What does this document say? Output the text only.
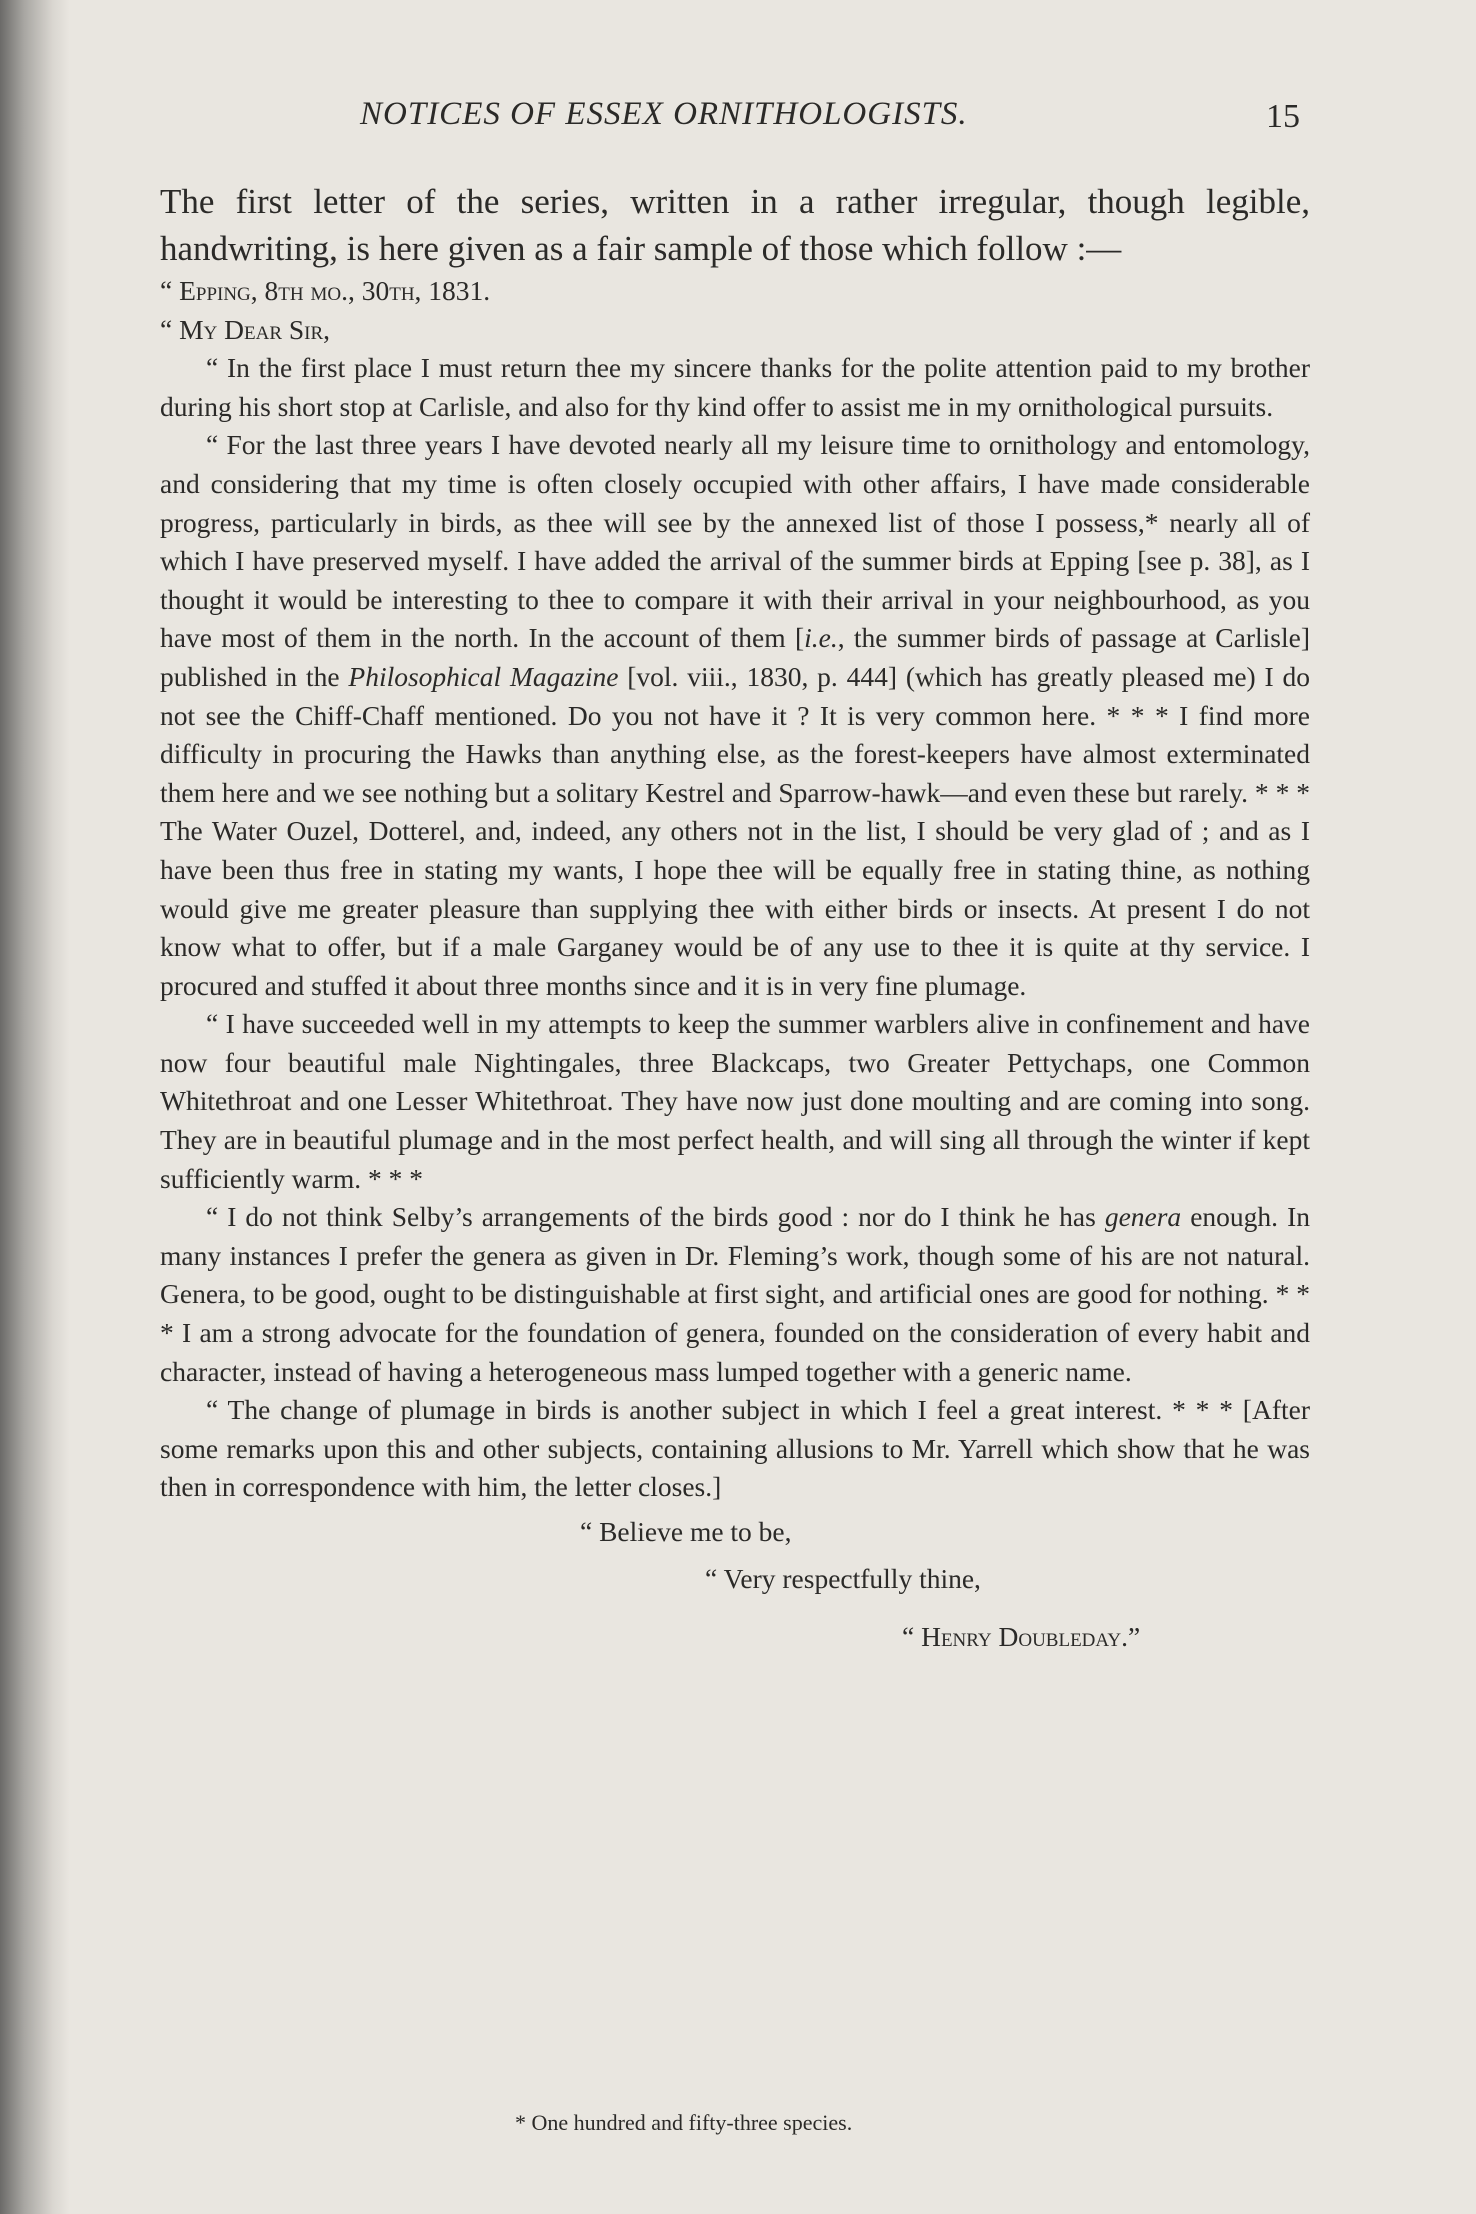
NOTICES OF ESSEX ORNITHOLOGISTS.	15

The first letter of the series, written in a rather irregular, though legible, handwriting, is here given as a fair sample of those which follow :—

“ Epping, 8th mo., 30th, 1831.

“ My Dear Sir,

“ In the first place I must return thee my sincere thanks for the polite attention paid to my brother during his short stop at Carlisle, and also for thy kind offer to assist me in my ornithological pursuits.

“ For the last three years I have devoted nearly all my leisure time to ornithology and entomology, and considering that my time is often closely occupied with other affairs, I have made considerable progress, particularly in birds, as thee will see by the annexed list of those I possess,* nearly all of which I have preserved myself. I have added the arrival of the summer birds at Epping [see p. 38], as I thought it would be interesting to thee to compare it with their arrival in your neighbourhood, as you have most of them in the north. In the account of them [i.e., the summer birds of passage at Carlisle] published in the Philosophical Magazine [vol. viii., 1830, p. 444] (which has greatly pleased me) I do not see the Chiff-Chaff mentioned. Do you not have it ? It is very common here. * * * I find more difficulty in procuring the Hawks than anything else, as the forest-keepers have almost exterminated them here and we see nothing but a solitary Kestrel and Sparrow-hawk—and even these but rarely. * * * The Water Ouzel, Dotterel, and, indeed, any others not in the list, I should be very glad of ; and as I have been thus free in stating my wants, I hope thee will be equally free in stating thine, as nothing would give me greater pleasure than supplying thee with either birds or insects. At present I do not know what to offer, but if a male Garganey would be of any use to thee it is quite at thy service. I procured and stuffed it about three months since and it is in very fine plumage.

“ I have succeeded well in my attempts to keep the summer warblers alive in confinement and have now four beautiful male Nightingales, three Blackcaps, two Greater Pettychaps, one Common Whitethroat and one Lesser Whitethroat. They have now just done moulting and are coming into song. They are in beautiful plumage and in the most perfect health, and will sing all through the winter if kept sufficiently warm. * * *

“ I do not think Selby’s arrangements of the birds good : nor do I think he has genera enough. In many instances I prefer the genera as given in Dr. Fleming’s work, though some of his are not natural. Genera, to be good, ought to be distinguishable at first sight, and artificial ones are good for nothing. * * * I am a strong advocate for the foundation of genera, founded on the consideration of every habit and character, instead of having a heterogeneous mass lumped together with a generic name.

“ The change of plumage in birds is another subject in which I feel a great interest. * * * [After some remarks upon this and other subjects, containing allusions to Mr. Yarrell which show that he was then in correspondence with him, the letter closes.]

“ Believe me to be,

“ Very respectfully thine,

“ Henry Doubleday.”

* One hundred and fifty-three species.
